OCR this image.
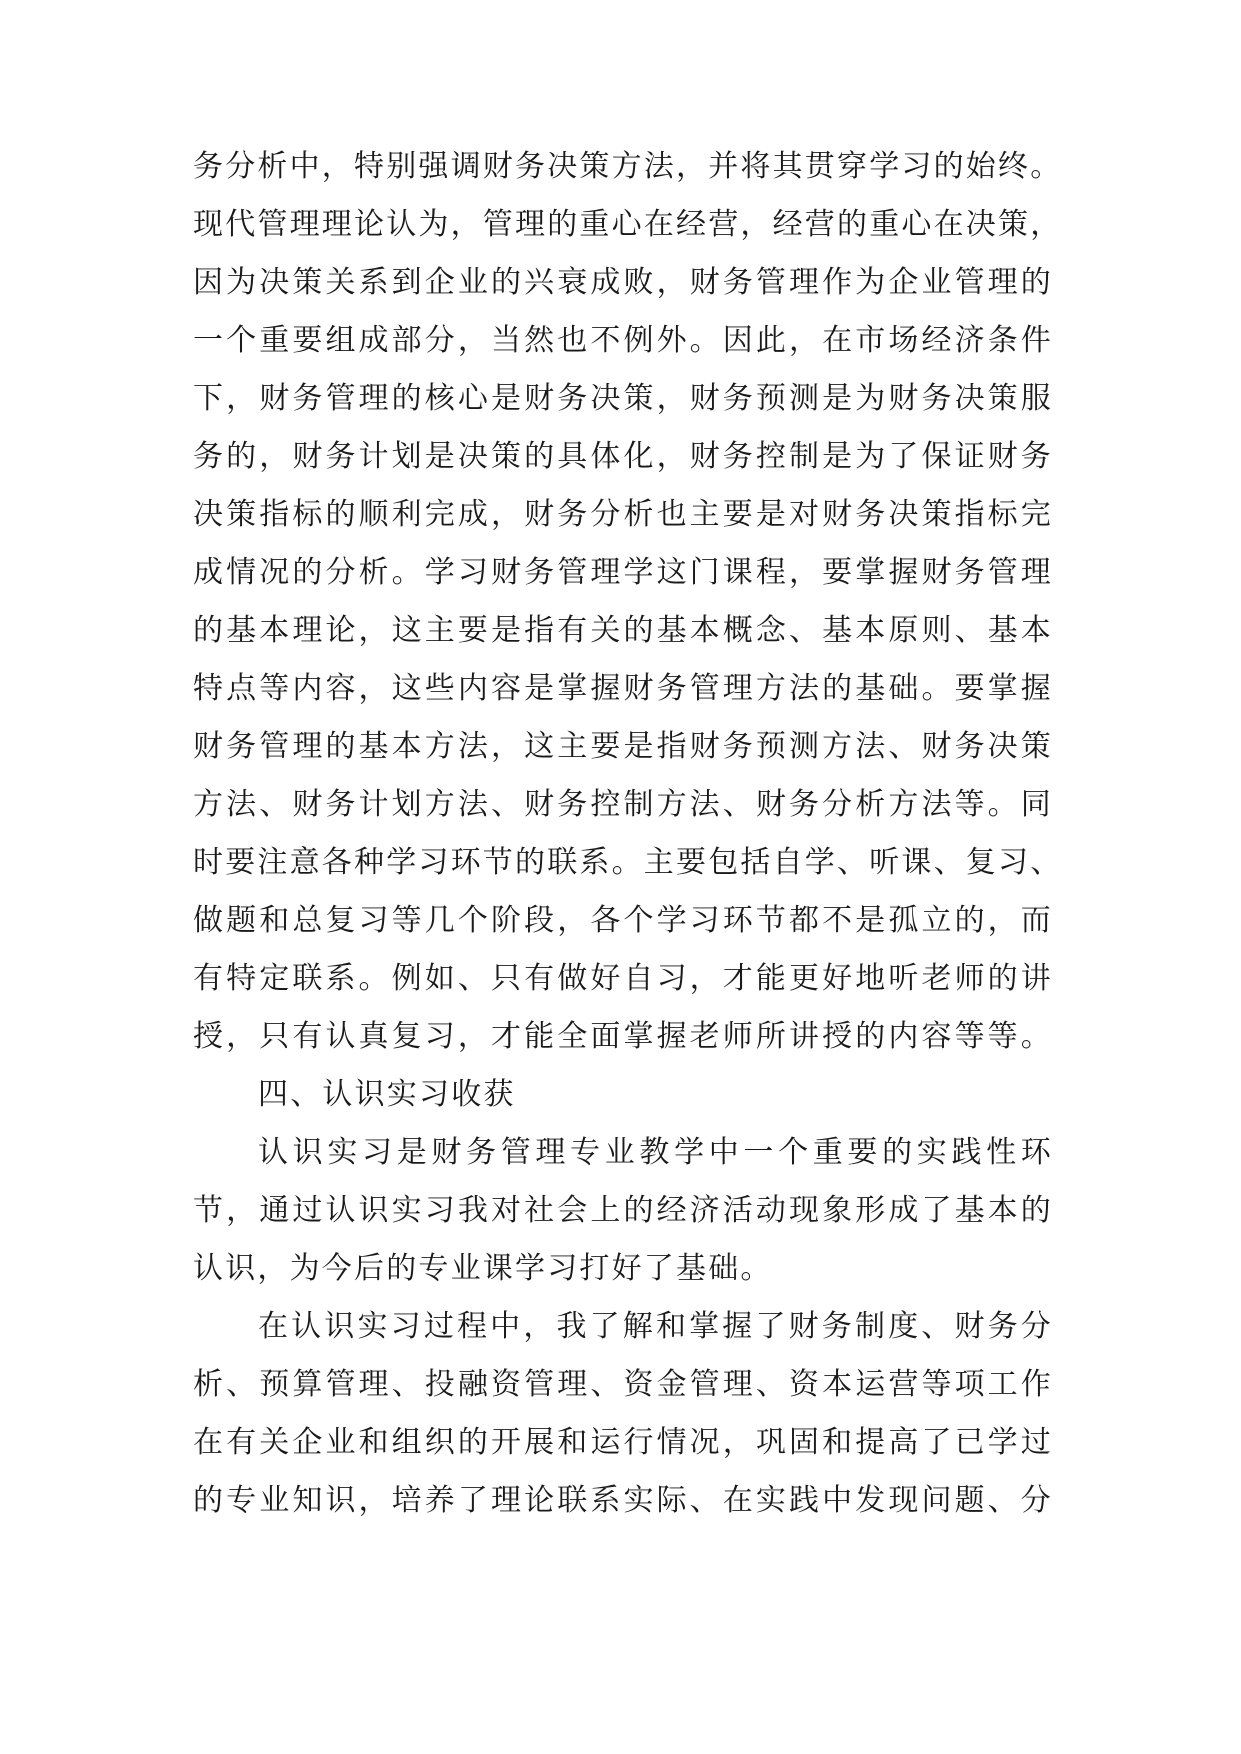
务分析中，特别强调财务决策方法，并将其贯穿学习的始终。

现代管理理论认为，管理的重心在经营，经营的重心在决策，

因为决策关系到企业的兴衰成败，财务管理作为企业管理的

一个重要组成部分，当然也不例外。因此，在市场经济条件

下，财务管理的核心是财务决策，财务预测是为财务决策服

务的，财务计划是决策的具体化，财务控制是为了保证财务

决策指标的顺利完成，财务分析也主要是对财务决策指标完

成情况的分析。学习财务管理学这门课程，要掌握财务管理

的基本理论，这主要是指有关的基本概念、基本原则、基本

特点等内容，这些内容是掌握财务管理方法的基础。要掌握

财务管理的基本方法，这主要是指财务预测方法、财务决策

方法、财务计划方法、财务控制方法、财务分析方法等。同

时要注意各种学习环节的联系。主要包括自学、听课、复习、

做题和总复习等几个阶段，各个学习环节都不是孤立的，而

有特定联系。例如、只有做好自习，才能更好地听老师的讲

授，只有认真复习，才能全面掌握老师所讲授的内容等等。

四、认识实习收获

认识实习是财务管理专业教学中一个重要的实践性环

节，通过认识实习我对社会上的经济活动现象形成了基本的

认识，为今后的专业课学习打好了基础。

在认识实习过程中，我了解和掌握了财务制度、财务分

析、预算管理、投融资管理、资金管理、资本运营等项工作

在有关企业和组织的开展和运行情况，巩固和提高了已学过

的专业知识，培养了理论联系实际、在实践中发现问题、分
